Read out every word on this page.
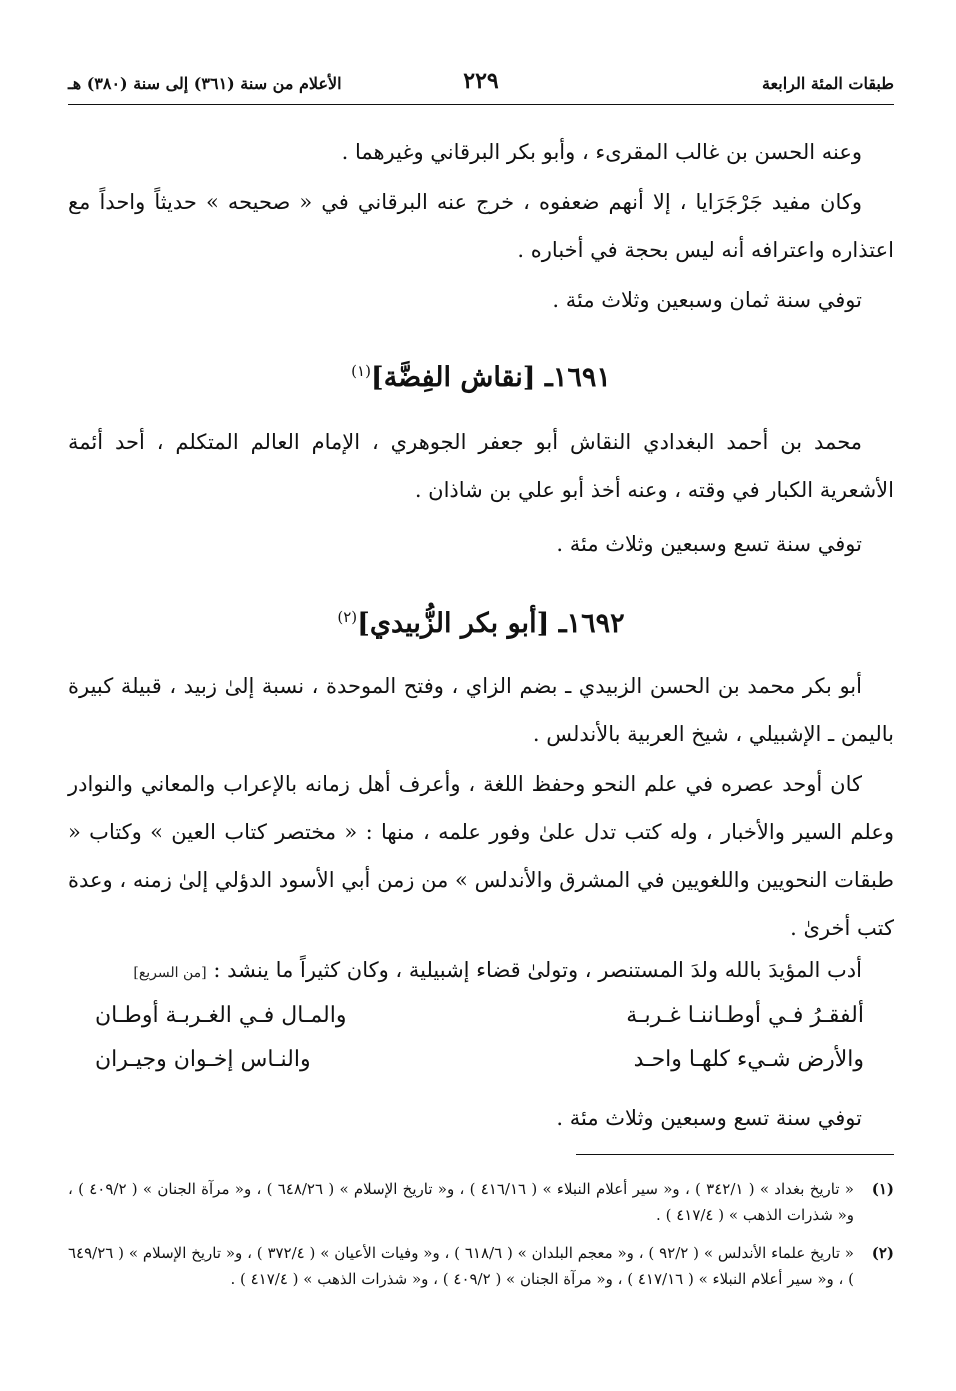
طبقات المئة الرابعة
٢٢٩
الأعلام من سنة (٣٦١) إلى سنة (٣٨٠) هـ
وعنه الحسن بن غالب المقرىء ، وأبو بكر البرقاني وغيرهما .
وكان مفيد جَرْجَرَايا ، إلا أنهم ضعفوه ، خرج عنه البرقاني في « صحيحه » حديثاً واحداً مع اعتذاره واعترافه أنه ليس بحجة في أخباره .
توفي سنة ثمان وسبعين وثلاث مئة .
١٦٩١ـ [نقاش الفِضَّة]$^{(١)}$
محمد بن أحمد البغدادي النقاش أبو جعفر الجوهري ، الإمام العالم المتكلم ، أحد أئمة الأشعرية الكبار في وقته ، وعنه أخذ أبو علي بن شاذان .
توفي سنة تسع وسبعين وثلاث مئة .
١٦٩٢ـ [أبو بكر الزُّبيدي]$^{(٢)}$
أبو بكر محمد بن الحسن الزبيدي ـ بضم الزاي ، وفتح الموحدة ، نسبة إلىٰ زبيد ، قبيلة كبيرة باليمن ـ الإشبيلي ، شيخ العربية بالأندلس .
كان أوحد عصره في علم النحو وحفظ اللغة ، وأعرف أهل زمانه بالإعراب والمعاني والنوادر وعلم السير والأخبار ، وله كتب تدل علىٰ وفور علمه ، منها : « مختصر كتاب العين » وكتاب « طبقات النحويين واللغويين في المشرق والأندلس » من زمن أبي الأسود الدؤلي إلىٰ زمنه ، وعدة كتب أخرىٰ .
أدب المؤيدَ بالله ولدَ المستنصر ، وتولىٰ قضاء إشبيلية ، وكان كثيراً ما ينشد : [من السريع]
ألفقـرُ فـي أوطـاننـا غـربـة
والمـال فـي الغـربـة أوطـان
والأرض شـيء كلهـا واحـد
والنـاس إخـوان وجيـران
توفي سنة تسع وسبعين وثلاث مئة .
(١)
« تاريخ بغداد » ( ٣٤٢/١ ) ، و« سير أعلام النبلاء » ( ٤١٦/١٦ ) ، و« تاريخ الإسلام » ( ٦٤٨/٢٦ ) ، و« مرآة الجنان » ( ٤٠٩/٢ ) ، و« شذرات الذهب » ( ٤١٧/٤ ) .
(٢)
« تاريخ علماء الأندلس » ( ٩٢/٢ ) ، و« معجم البلدان » ( ٦١٨/٦ ) ، و« وفيات الأعيان » ( ٣٧٢/٤ ) ، و« تاريخ الإسلام » ( ٦٤٩/٢٦ ) ، و« سير أعلام النبلاء » ( ٤١٧/١٦ ) ، و« مرآة الجنان » ( ٤٠٩/٢ ) ، و« شذرات الذهب » ( ٤١٧/٤ ) .
